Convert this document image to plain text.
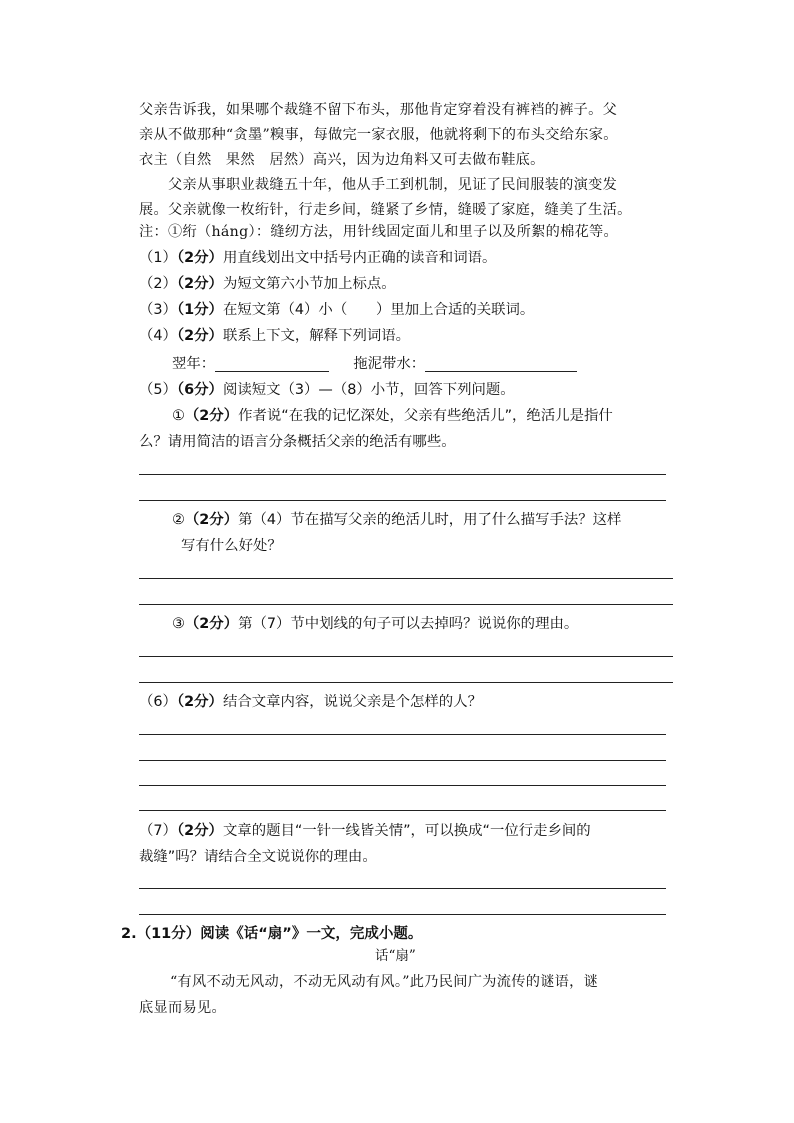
父亲告诉我，如果哪个裁缝不留下布头，那他肯定穿着没有裤裆的裤子。父
亲从不做那种“贪墨”糗事，每做完一家衣服，他就将剩下的布头交给东家。
衣主（自然　果然　居然）高兴，因为边角料又可去做布鞋底。
父亲从事职业裁缝五十年，他从手工到机制，见证了民间服装的演变发
展。父亲就像一枚绗针，行走乡间，缝紧了乡情，缝暖了家庭，缝美了生活。
注：①绗（háng）：缝纫方法，用针线固定面儿和里子以及所絮的棉花等。
（1）（2分）用直线划出文中括号内正确的读音和词语。
（2）（2分）为短文第六小节加上标点。
（3）（1分）在短文第（4）小（　　）里加上合适的关联词。
（4）（2分）联系上下文，解释下列词语。
翌年：	拖泥带水：
（5）（6分）阅读短文（3）—（8）小节，回答下列问题。
①（2分）作者说“在我的记忆深处，父亲有些绝活儿”，绝活儿是指什
么？请用简洁的语言分条概括父亲的绝活有哪些。
②（2分）第（4）节在描写父亲的绝活儿时，用了什么描写手法？这样
写有什么好处？
③（2分）第（7）节中划线的句子可以去掉吗？说说你的理由。
（6）（2分）结合文章内容，说说父亲是个怎样的人？
（7）（2分）文章的题目“一针一线皆关情”，可以换成“一位行走乡间的
裁缝”吗？请结合全文说说你的理由。
2.（11分）阅读《话“扇”》一文，完成小题。
话“扇”
“有风不动无风动，不动无风动有风。”此乃民间广为流传的谜语，谜
底显而易见。
